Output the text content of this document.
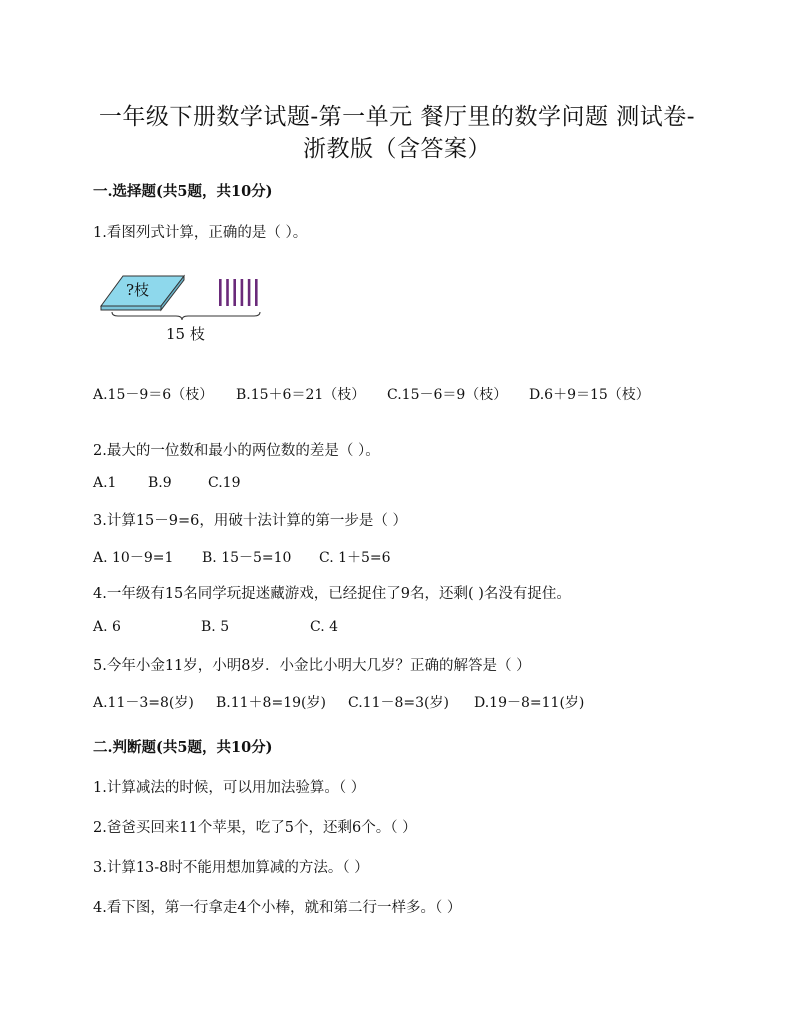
一年级下册数学试题-第一单元 餐厅里的数学问题 测试卷-
浙教版（含答案）
一.选择题(共5题，共10分)
1.看图列式计算，正确的是（ ）。
?枝
15 枝
A.15－9＝6（枝） B.15＋6＝21（枝） C.15－6＝9（枝） D.6＋9＝15（枝）
2.最大的一位数和最小的两位数的差是（ ）。
A.1 B.9	C.19
3.计算15－9=6，用破十法计算的第一步是（ ）
A. 10－9=1 B. 15－5=10 C. 1＋5=6
4.一年级有15名同学玩捉迷藏游戏，已经捉住了9名，还剩( )名没有捉住。
A. 6	B. 5	C. 4
5.今年小金11岁，小明8岁．小金比小明大几岁？正确的解答是（ ）
A.11－3=8(岁) B.11＋8=19(岁) C.11－8=3(岁) D.19－8=11(岁)
二.判断题(共5题，共10分)
1.计算减法的时候，可以用加法验算。（ ）
2.爸爸买回来11个苹果，吃了5个，还剩6个。（ ）
3.计算13-8时不能用想加算减的方法。（ ）
4.看下图，第一行拿走4个小棒，就和第二行一样多。（ ）
